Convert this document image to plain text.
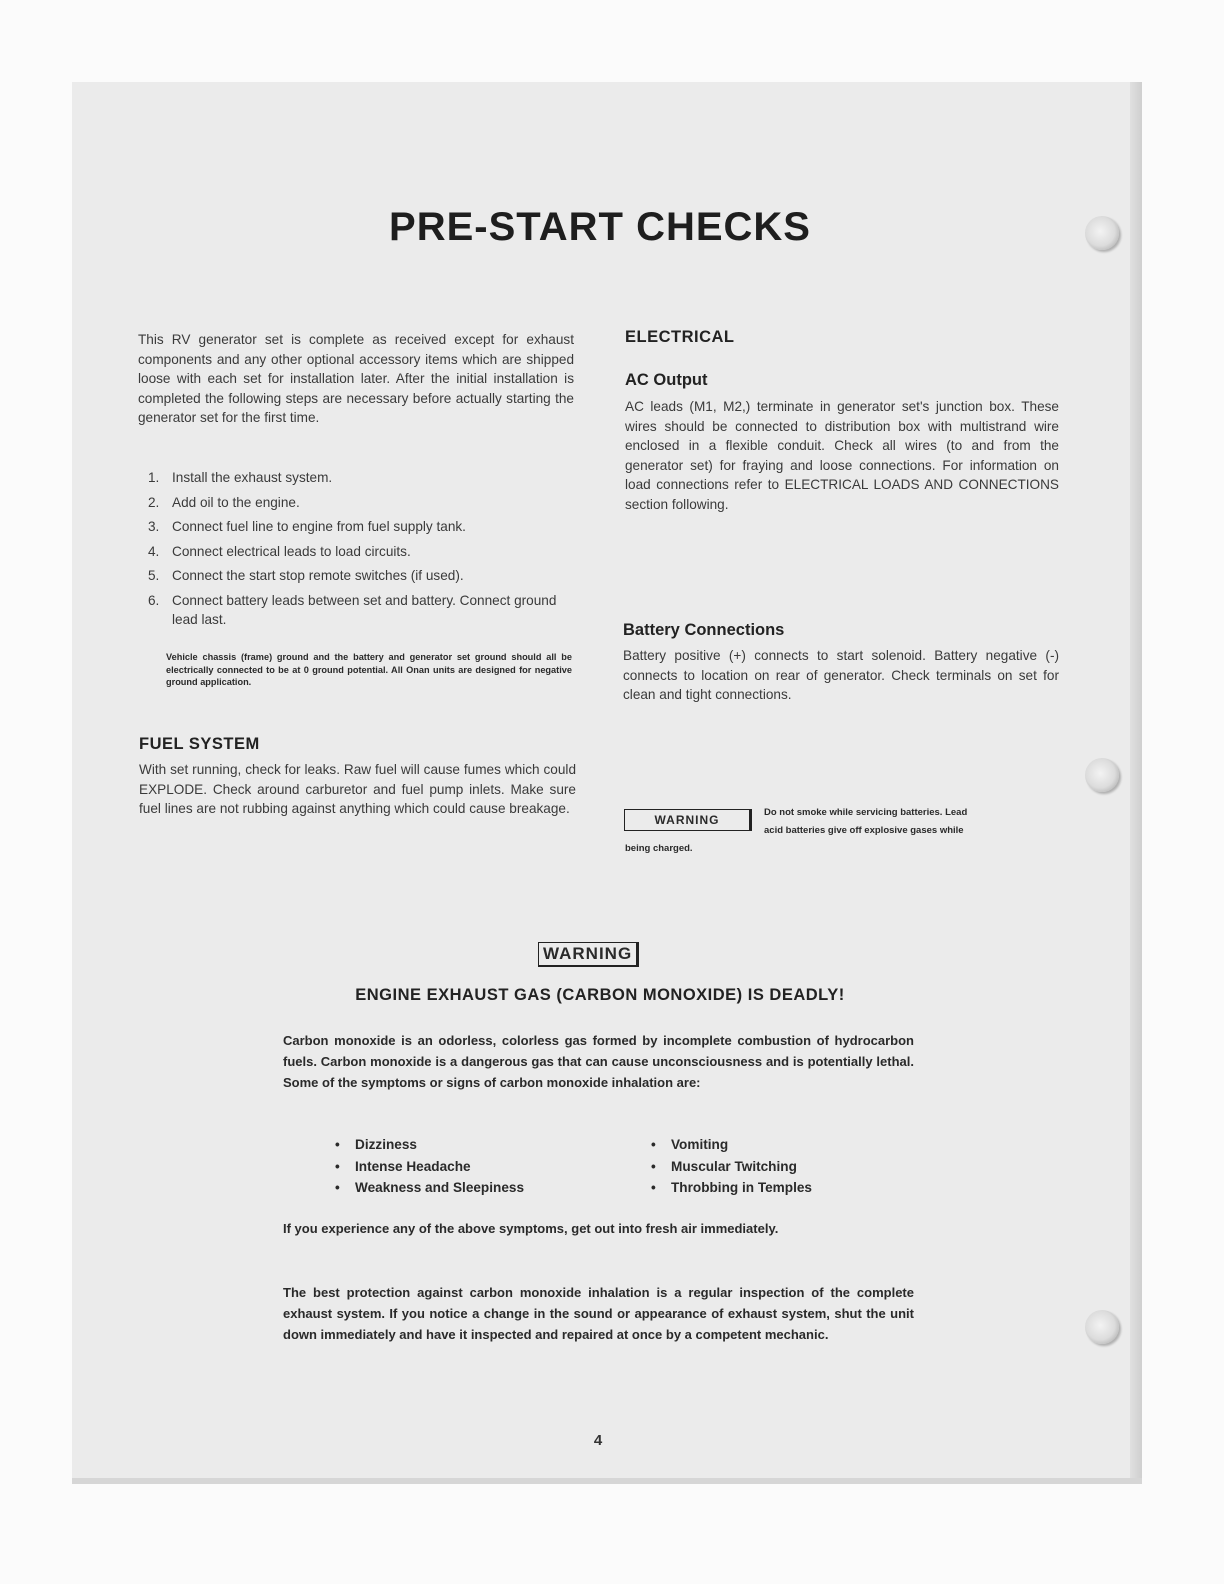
PRE-START CHECKS
This RV generator set is complete as received except for exhaust components and any other optional accessory items which are shipped loose with each set for installation later. After the initial installation is completed the following steps are necessary before actually starting the generator set for the first time.
1. Install the exhaust system.
2. Add oil to the engine.
3. Connect fuel line to engine from fuel supply tank.
4. Connect electrical leads to load circuits.
5. Connect the start stop remote switches (if used).
6. Connect battery leads between set and battery. Connect ground lead last.
Vehicle chassis (frame) ground and the battery and generator set ground should all be electrically connected to be at 0 ground potential. All Onan units are designed for negative ground application.
FUEL SYSTEM
With set running, check for leaks. Raw fuel will cause fumes which could EXPLODE. Check around carburetor and fuel pump inlets. Make sure fuel lines are not rubbing against anything which could cause breakage.
ELECTRICAL
AC Output
AC leads (M1, M2,) terminate in generator set's junction box. These wires should be connected to distribution box with multistrand wire enclosed in a flexible conduit. Check all wires (to and from the generator set) for fraying and loose connections. For information on load connections refer to ELECTRICAL LOADS AND CONNECTIONS section following.
Battery Connections
Battery positive (+) connects to start solenoid. Battery negative (-) connects to location on rear of generator. Check terminals on set for clean and tight connections.
WARNING
Do not smoke while servicing batteries. Lead
acid batteries give off explosive gases while
being charged.
WARNING
ENGINE EXHAUST GAS (CARBON MONOXIDE) IS DEADLY!
Carbon monoxide is an odorless, colorless gas formed by incomplete combustion of hydrocarbon fuels. Carbon monoxide is a dangerous gas that can cause unconsciousness and is potentially lethal. Some of the symptoms or signs of carbon monoxide inhalation are:
• Dizziness
• Intense Headache
• Weakness and Sleepiness
• Vomiting
• Muscular Twitching
• Throbbing in Temples
If you experience any of the above symptoms, get out into fresh air immediately.
The best protection against carbon monoxide inhalation is a regular inspection of the complete exhaust system. If you notice a change in the sound or appearance of exhaust system, shut the unit down immediately and have it inspected and repaired at once by a competent mechanic.
4
